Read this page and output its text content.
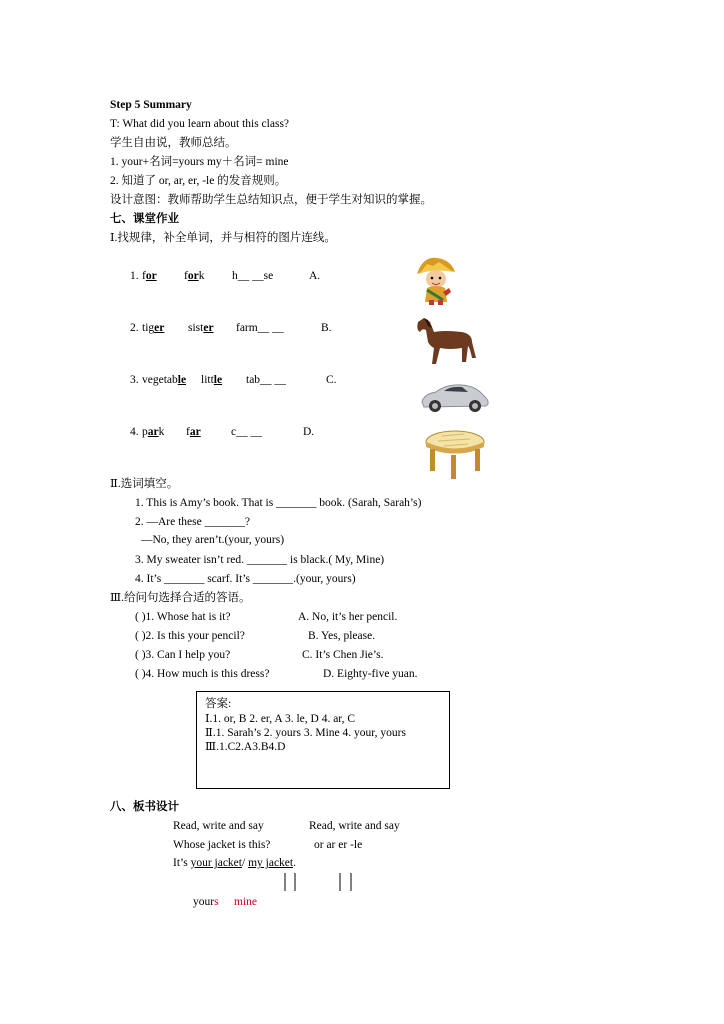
Step 5 Summary
T: What did you learn about this class?
学生自由说，教师总结。
1. your+名词=yours my＋名词= mine
2. 知道了 or, ar, er, -le 的发音规则。
设计意图：教师帮助学生总结知识点，便于学生对知识的掌握。
七、课堂作业
Ⅰ.找规律，补全单词，并与相符的图片连线。
1. for fork h__ __se	A.
2. tiger sister farm__ __	B.
3. vegetable little tab__ __	C.
4. park far	c__ __	D.
Ⅱ.选词填空。
1. This is Amy’s book. That is _______ book. (Sarah, Sarah’s)
2. —Are these _______?
—No, they aren’t.(your, yours)
3. My sweater isn’t red. _______ is black.( My, Mine)
4. It’s _______ scarf. It’s _______.(your, yours)
Ⅲ.给问句选择合适的答语。
( )1. Whose hat is it?	A. No, it’s her pencil.
( )2. Is this your pencil?	B. Yes, please.
( )3. Can I help you?	C. It’s Chen Jie’s.
( )4. How much is this dress?	D. Eighty-five yuan.
答案:
Ⅰ.1. or, B 2. er, A 3. le, D 4. ar, C
Ⅱ.1. Sarah’s 2. yours 3. Mine 4. your, yours
Ⅲ.1.C2.A3.B4.D
八、板书设计
Read, write and say	Read, write and say
Whose jacket is this?	or ar er -le
It’s your jacket/ my jacket.
yours mine
